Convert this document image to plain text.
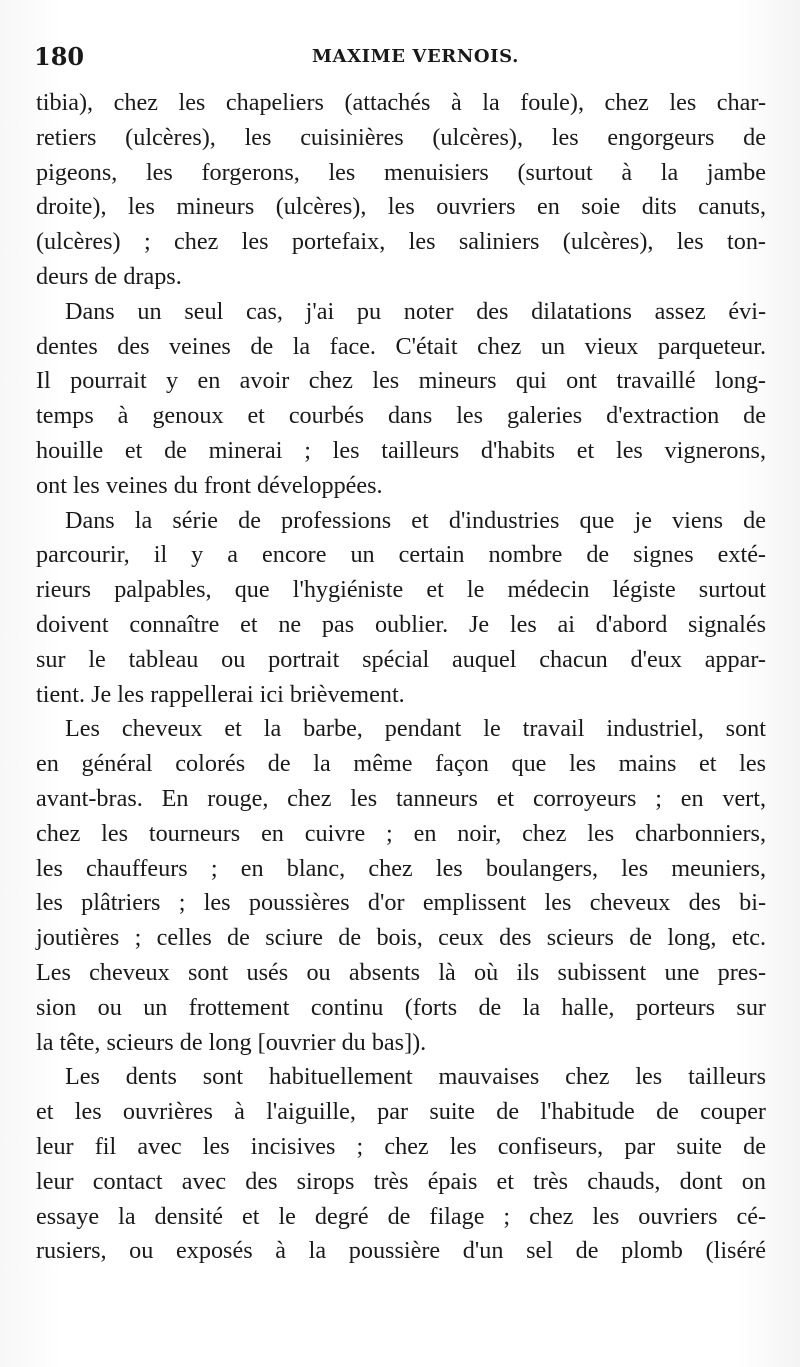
180	MAXIME VERNOIS.
tibia), chez les chapeliers (attachés à la foule), chez les char-
retiers (ulcères), les cuisinières (ulcères), les engorgeurs de
pigeons, les forgerons, les menuisiers (surtout à la jambe
droite), les mineurs (ulcères), les ouvriers en soie dits canuts,
(ulcères) ; chez les portefaix, les saliniers (ulcères), les ton-
deurs de draps.
Dans un seul cas, j'ai pu noter des dilatations assez évi-
dentes des veines de la face. C'était chez un vieux parqueteur.
Il pourrait y en avoir chez les mineurs qui ont travaillé long-
temps à genoux et courbés dans les galeries d'extraction de
houille et de minerai ; les tailleurs d'habits et les vignerons,
ont les veines du front développées.
Dans la série de professions et d'industries que je viens de
parcourir, il y a encore un certain nombre de signes exté-
rieurs palpables, que l'hygiéniste et le médecin légiste surtout
doivent connaître et ne pas oublier. Je les ai d'abord signalés
sur le tableau ou portrait spécial auquel chacun d'eux appar-
tient. Je les rappellerai ici brièvement.
Les cheveux et la barbe, pendant le travail industriel, sont
en général colorés de la même façon que les mains et les
avant-bras. En rouge, chez les tanneurs et corroyeurs ; en vert,
chez les tourneurs en cuivre ; en noir, chez les charbonniers,
les chauffeurs ; en blanc, chez les boulangers, les meuniers,
les plâtriers ; les poussières d'or emplissent les cheveux des bi-
joutières ; celles de sciure de bois, ceux des scieurs de long, etc.
Les cheveux sont usés ou absents là où ils subissent une pres-
sion ou un frottement continu (forts de la halle, porteurs sur
la tête, scieurs de long [ouvrier du bas]).
Les dents sont habituellement mauvaises chez les tailleurs
et les ouvrières à l'aiguille, par suite de l'habitude de couper
leur fil avec les incisives ; chez les confiseurs, par suite de
leur contact avec des sirops très épais et très chauds, dont on
essaye la densité et le degré de filage ; chez les ouvriers cé-
rusiers, ou exposés à la poussière d'un sel de plomb (liséré
